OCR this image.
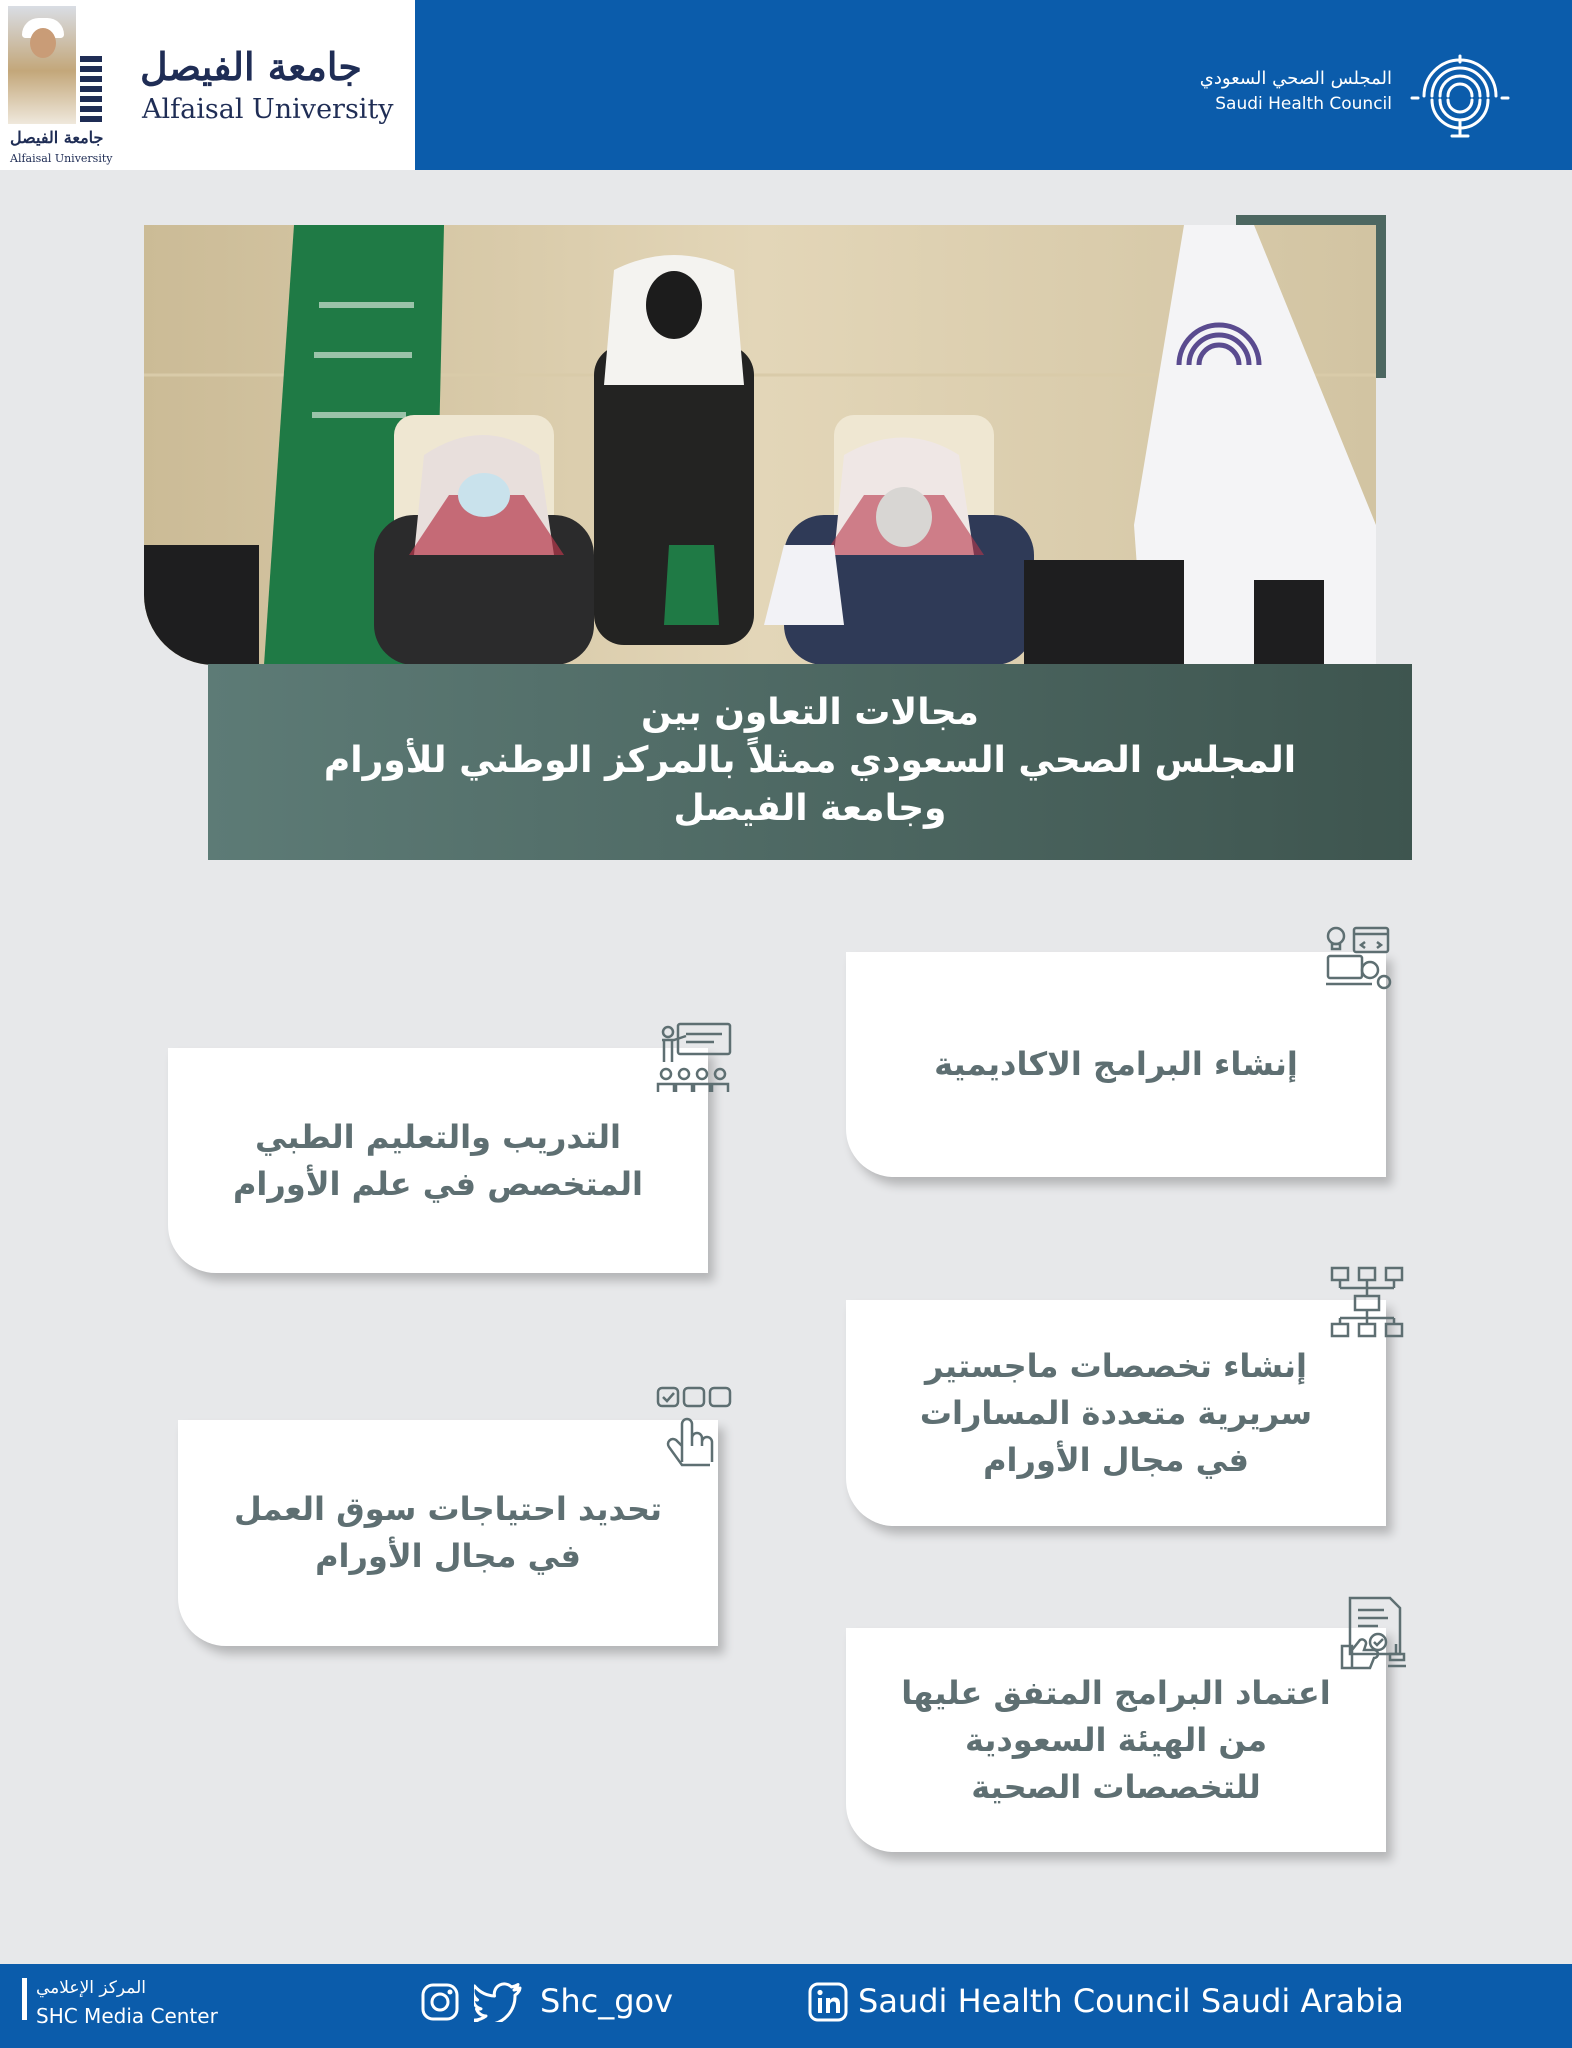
جامعة الفيصل
Alfaisal University
جامعة الفيصل
Alfaisal University
المجلس الصحي السعودي
Saudi Health Council
مجالات التعاون بين
المجلس الصحي السعودي ممثلاً بالمركز الوطني للأورام
وجامعة الفيصل
إنشاء البرامج الاكاديمية
التدريب والتعليم الطبي
المتخصص في علم الأورام
إنشاء تخصصات ماجستير
سريرية متعددة المسارات
في مجال الأورام
تحديد احتياجات سوق العمل
في مجال الأورام
اعتماد البرامج المتفق عليها
من الهيئة السعودية
للتخصصات الصحية
المركز الإعلامي
SHC Media Center	Shc_gov	Saudi Health Council Saudi Arabia
